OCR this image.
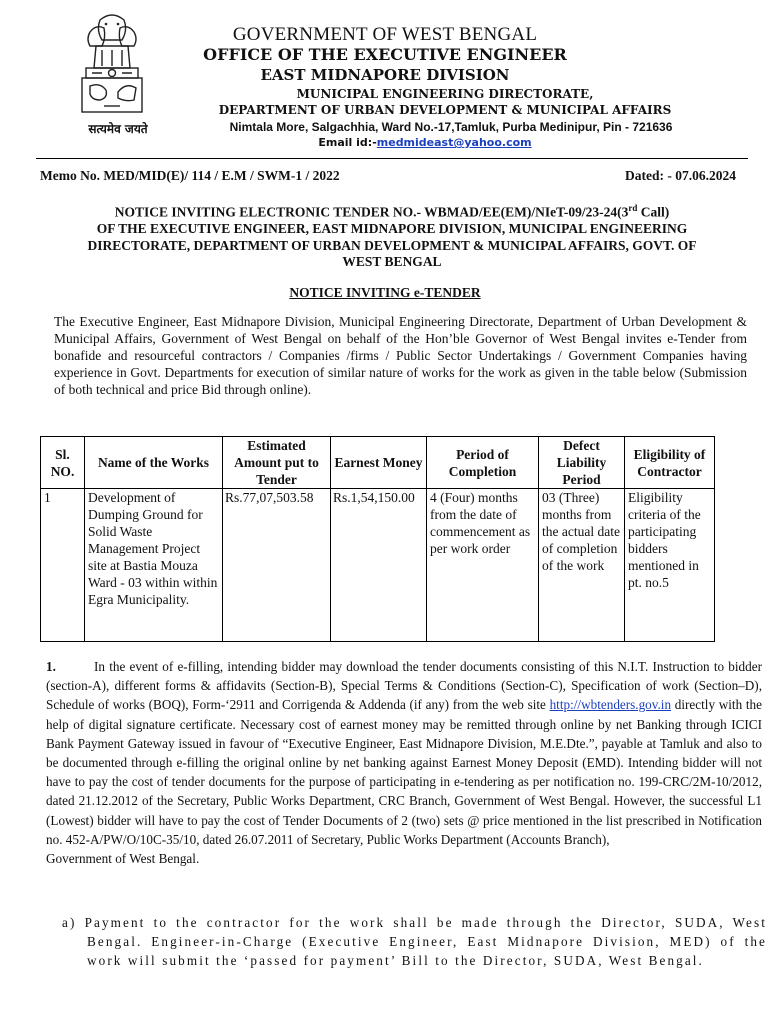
सत्यमेव जयते
GOVERNMENT OF WEST BENGAL
OFFICE OF THE EXECUTIVE ENGINEER
EAST MIDNAPORE DIVISION
MUNICIPAL ENGINEERING DIRECTORATE,
DEPARTMENT OF URBAN DEVELOPMENT & MUNICIPAL AFFAIRS
Nimtala More, Salgachhia, Ward No.-17,Tamluk, Purba Medinipur, Pin - 721636
Email id:-medmideast@yahoo.com
Memo No. MED/MID(E)/ 114 / E.M / SWM-1 / 2022	Dated: - 07.06.2024
NOTICE INVITING ELECTRONIC TENDER NO.- WBMAD/EE(EM)/NIeT-09/23-24(3rd Call)
OF THE EXECUTIVE ENGINEER, EAST MIDNAPORE DIVISION, MUNICIPAL ENGINEERING
DIRECTORATE, DEPARTMENT OF URBAN DEVELOPMENT & MUNICIPAL AFFAIRS, GOVT. OF
WEST BENGAL
NOTICE INVITING e-TENDER
The Executive Engineer, East Midnapore Division, Municipal Engineering Directorate, Department of Urban Development & Municipal Affairs, Government of West Bengal on behalf of the Hon’ble Governor of West Bengal invites e-Tender from bonafide and resourceful contractors / Companies /firms / Public Sector Undertakings / Government Companies having experience in Govt. Departments for execution of similar nature of works for the work as given in the table below (Submission of both technical and price Bid through online).
Sl. NO.	Name of the Works	Estimated Amount put to Tender	Earnest Money	Period of Completion	Defect Liability Period	Eligibility of Contractor
1	Development of Dumping Ground for Solid Waste Management Project site at Bastia Mouza Ward - 03 within within Egra Municipality.	Rs.77,07,503.58	Rs.1,54,150.00	4 (Four) months from the date of commencement as per work order	03 (Three) months from the actual date of completion of the work	Eligibility criteria of the participating bidders mentioned in pt. no.5
1.	In the event of e-filling, intending bidder may download the tender documents consisting of this N.I.T. Instruction to bidder (section-A), different forms & affidavits (Section-B), Special Terms & Conditions (Section-C), Specification of work (Section–D), Schedule of works (BOQ), Form-‘2911 and Corrigenda & Addenda (if any) from the web site http://wbtenders.gov.in directly with the help of digital signature certificate. Necessary cost of earnest money may be remitted through online by net Banking through ICICI Bank Payment Gateway issued in favour of “Executive Engineer, East Midnapore Division, M.E.Dte.”, payable at Tamluk and also to be documented through e-filling the original online by net banking against Earnest Money Deposit (EMD). Intending bidder will not have to pay the cost of tender documents for the purpose of participating in e-tendering as per notification no. 199-CRC/2M-10/2012, dated 21.12.2012 of the Secretary, Public Works Department, CRC Branch, Government of West Bengal. However, the successful L1 (Lowest) bidder will have to pay the cost of Tender Documents of 2 (two) sets @ price mentioned in the list prescribed in Notification no. 452-A/PW/O/10C-35/10, dated 26.07.2011 of Secretary, Public Works Department (Accounts Branch),
Government of West Bengal.
a) Payment to the contractor for the work shall be made through the Director, SUDA, West Bengal. Engineer-in-Charge (Executive Engineer, East Midnapore Division, MED) of the work will submit the ‘passed for payment’ Bill to the Director, SUDA, West Bengal.
